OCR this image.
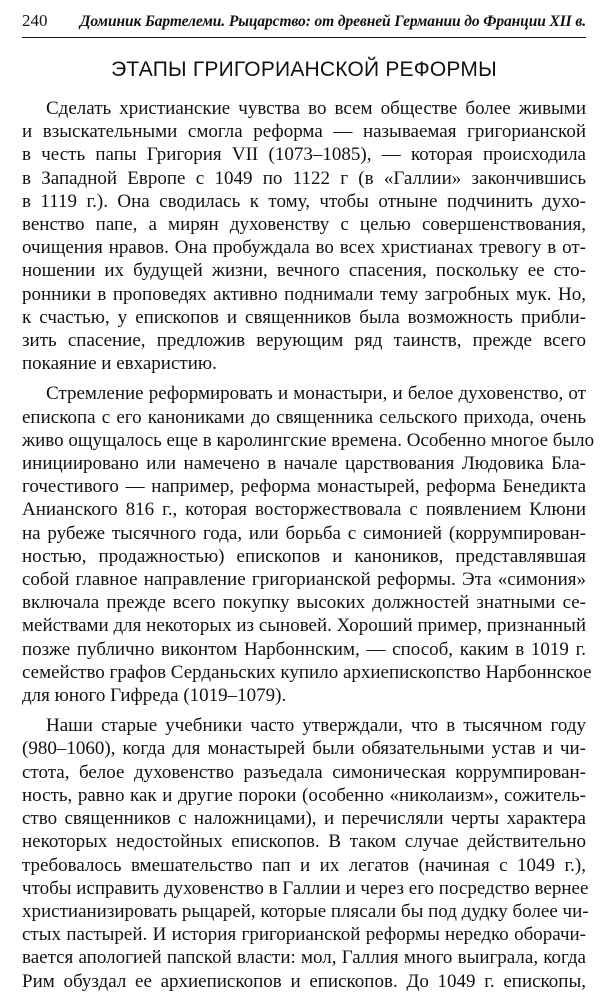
240 Доминик Бартелеми. Рыцарство: от древней Германии до Франции XII в.
ЭТАПЫ ГРИГОРИАНСКОЙ РЕФОРМЫ

Сделать христианские чувства во всем обществе более живыми
и взыскательными смогла реформа — называемая григорианской
в честь папы Григория VII (1073–1085), — которая происходила
в Западной Европе с 1049 по 1122 г (в «Галлии» закончившись
в 1119 г.). Она сводилась к тому, чтобы отныне подчинить духо-
венство папе, а мирян духовенству с целью совершенствования,
очищения нравов. Она пробуждала во всех христианах тревогу в от-
ношении их будущей жизни, вечного спасения, поскольку ее сто-
ронники в проповедях активно поднимали тему загробных мук. Но,
к счастью, у епископов и священников была возможность прибли-
зить спасение, предложив верующим ряд таинств, прежде всего
покаяние и евхаристию.

Стремление реформировать и монастыри, и белое духовенство, от
епископа с его канониками до священника сельского прихода, очень
живо ощущалось еще в каролингские времена. Особенно многое было
инициировано или намечено в начале царствования Людовика Бла-
гочестивого — например, реформа монастырей, реформа Бенедикта
Анианского 816 г., которая восторжествовала с появлением Клюни
на рубеже тысячного года, или борьба с симонией (коррумпирован-
ностью, продажностью) епископов и каноников, представлявшая
собой главное направление григорианской реформы. Эта «симония»
включала прежде всего покупку высоких должностей знатными се-
мействами для некоторых из сыновей. Хороший пример, признанный
позже публично виконтом Нарбоннским, — способ, каким в 1019 г.
семейство графов Серданьских купило архиепископство Нарбоннское
для юного Гифреда (1019–1079).

Наши старые учебники часто утверждали, что в тысячном году
(980–1060), когда для монастырей были обязательными устав и чи-
стота, белое духовенство разъедала симоническая коррумпирован-
ность, равно как и другие пороки (особенно «николаизм», сожитель-
ство священников с наложницами), и перечисляли черты характера
некоторых недостойных епископов. В таком случае действительно
требовалось вмешательство пап и их легатов (начиная с 1049 г.),
чтобы исправить духовенство в Галлии и через его посредство вернее
христианизировать рыцарей, которые плясали бы под дудку более чи-
стых пастырей. И история григорианской реформы нередко оборачи-
вается апологией папской власти: мол, Галлия много выиграла, когда
Рим обуздал ее архиепископов и епископов. До 1049 г. епископы,
